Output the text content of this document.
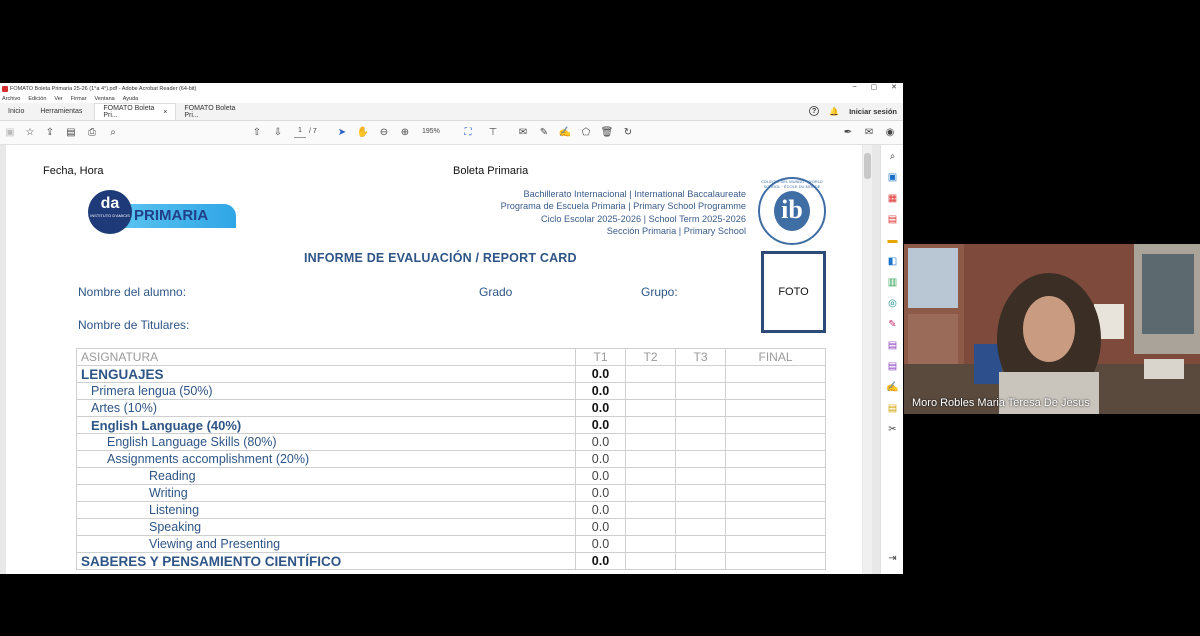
FOMATO Boleta Primaria 25-26 (1°a 4°).pdf - Adobe Acrobat Reader (64-bit)	– ▢ ✕
Archivo Edición Ver Firmar Ventana Ayuda
Inicio	Herramientas	FOMATO Boleta Pri...	×
FOMATO Boleta Pri...
?	🔔 Iniciar sesión
▣ ☆ ⇪ ▤ ⎙	⌕	⇧ ⇩	1	/ 7 ➤ ✋ ⊖ ⊕ 195% ⛶ ⊤ ✉ ✎ ✍ ⬠ 🗑 ↻	✒ ✉ ◉
Fecha, Hora	Boleta Primaria
PRIMARIA
da
INSTITUTO D'AMICIS
Bachillerato Internacional | International Baccalaureate
Programa de Escuela Primaria | Primary School Programme
Ciclo Escolar 2025-2026 | School Term 2025-2026
Sección Primaria | Primary School
COLEGIO DEL MUNDO · WORLD SCHOOL · ÉCOLE DU MONDE
ib
INFORME DE EVALUACIÓN / REPORT CARD
Nombre del alumno:	Grado	Grupo:
Nombre de Titulares:
FOTO
ASIGNATURA	T1	T2	T3	FINAL
LENGUAJES	0.0			
Primera lengua (50%)	0.0			
Artes (10%)	0.0			
English Language (40%)	0.0			
English Language Skills (80%)	0.0			
Assignments accomplishment (20%)	0.0			
Reading	0.0			
Writing	0.0			
Listening	0.0			
Speaking	0.0			
Viewing and Presenting	0.0			
SABERES Y PENSAMIENTO CIENTÍFICO	0.0			
⌕
▣
▦
▤
▬
◧
▥
◎
✎
▤
▤
✍
▤
✂
⇥
Moro Robles Maria Teresa De Jesus
